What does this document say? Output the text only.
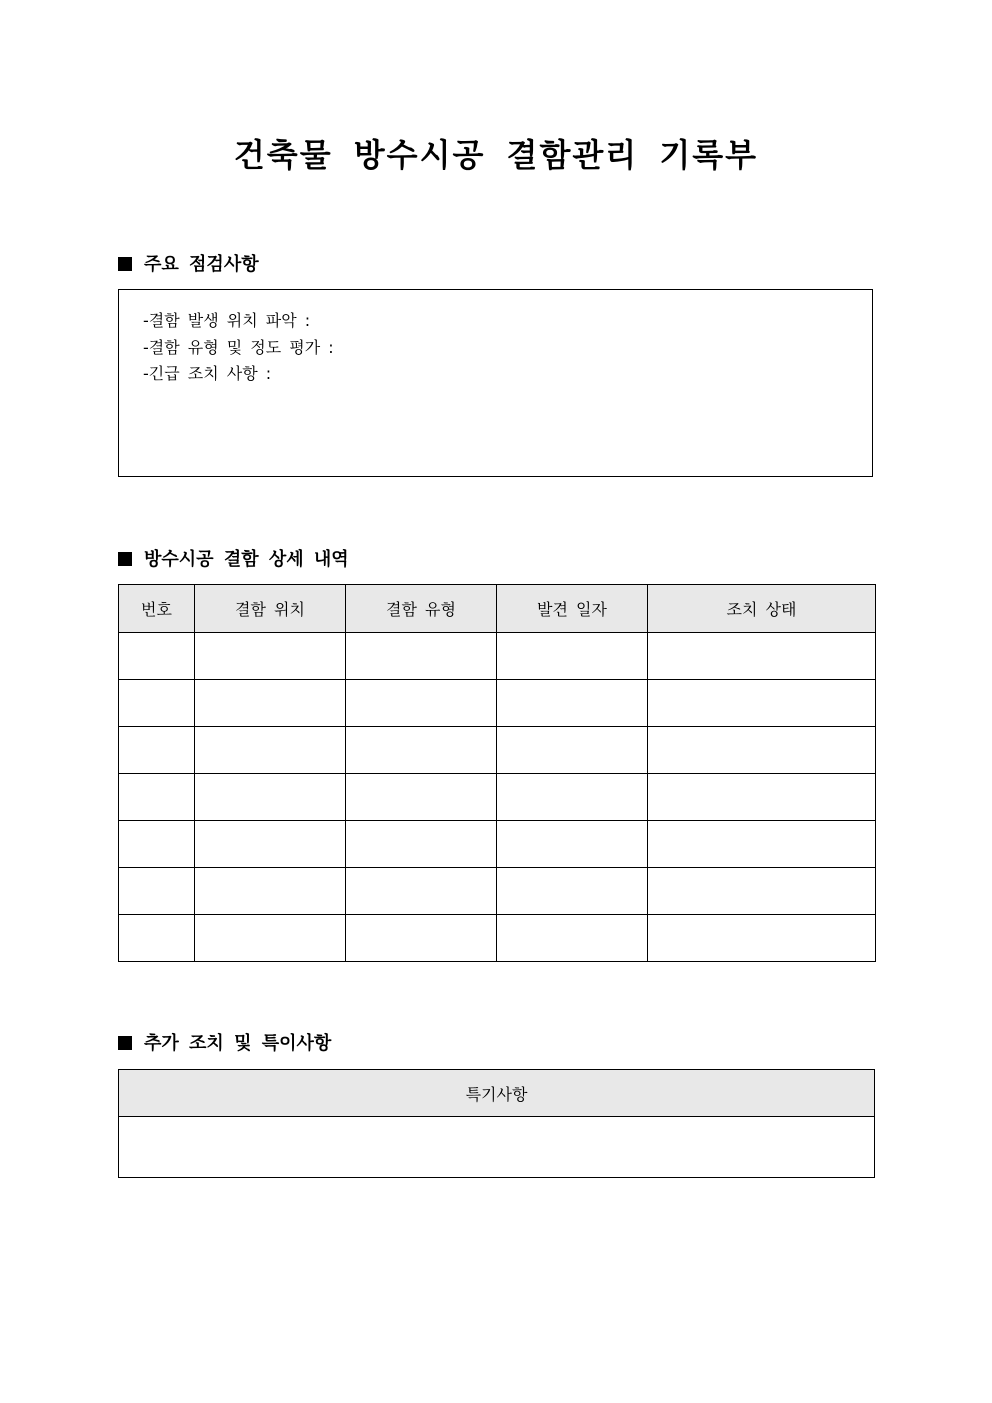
건축물 방수시공 결함관리 기록부
주요 점검사항
-결함 발생 위치 파악 :
-결함 유형 및 정도 평가 :
-긴급 조치 사항 :
방수시공 결함 상세 내역
번호	결함 위치	결함 유형	발견 일자	조치 상태

추가 조치 및 특이사항
특기사항
